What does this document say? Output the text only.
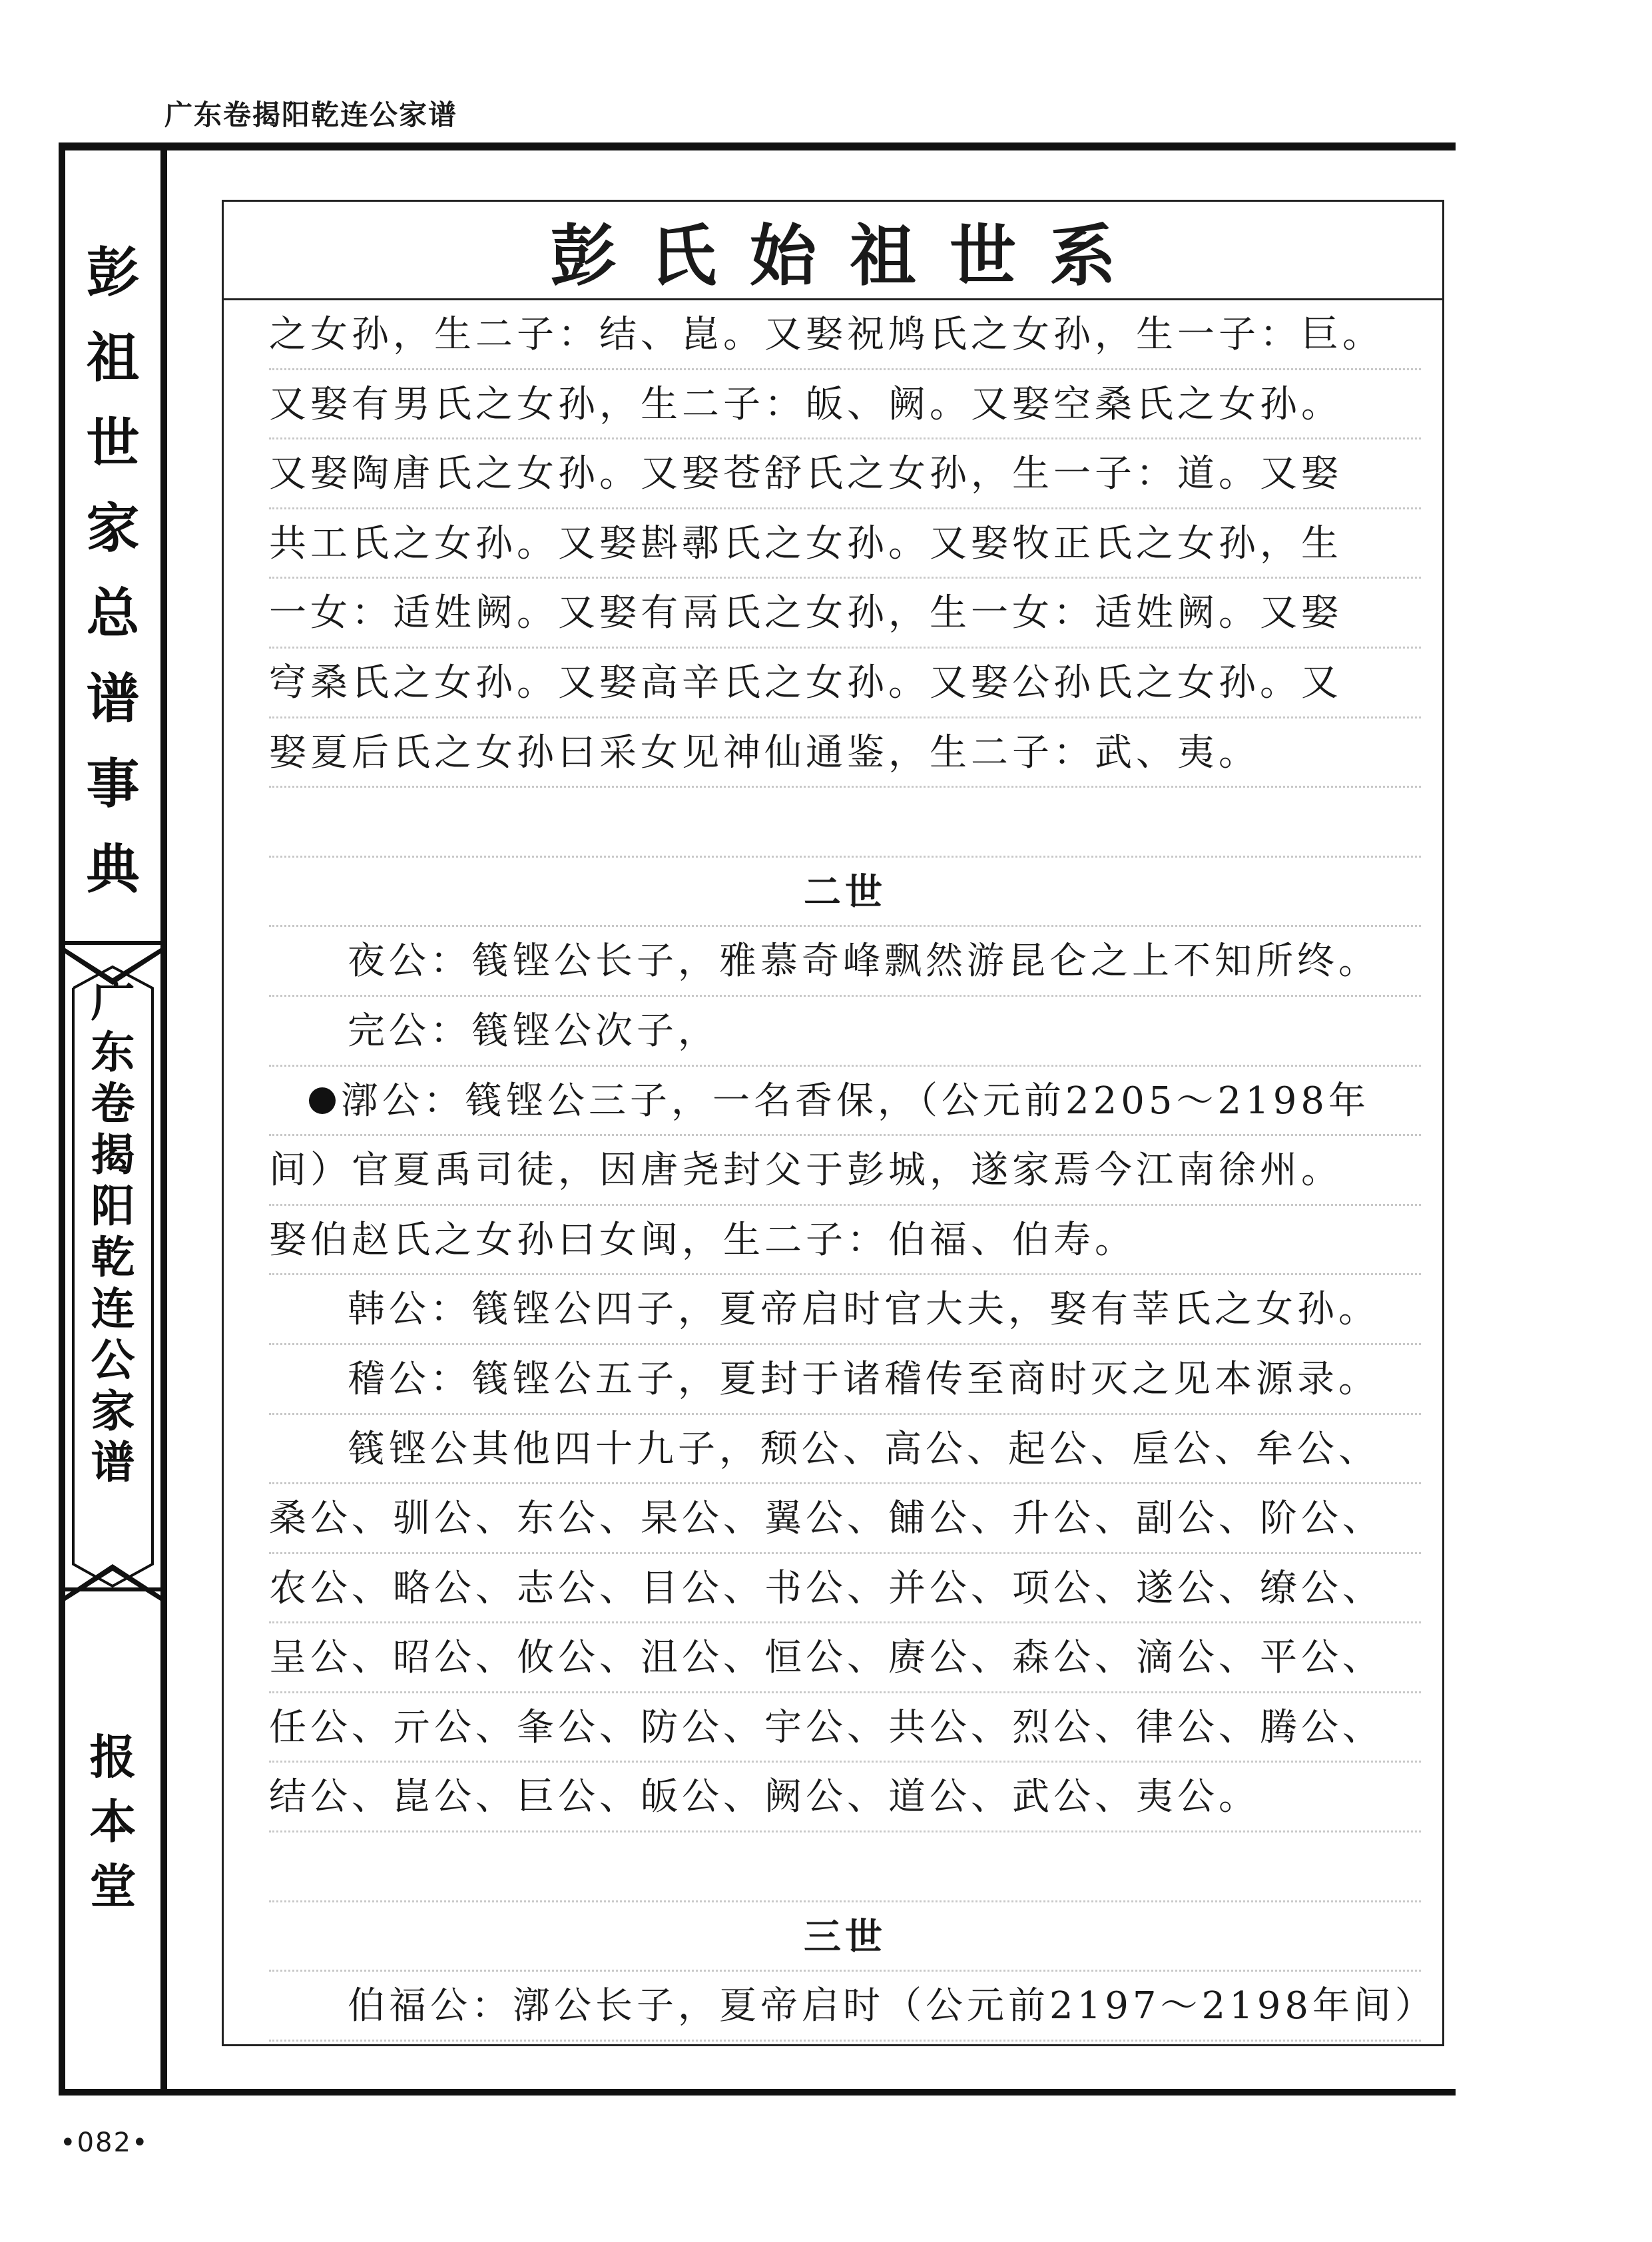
广东卷揭阳乾连公家谱
彭
祖
世
家
总
谱
事
典
广
东
卷
揭
阳
乾
连
公
家
谱
报
本
堂
彭氏始祖世系
之女孙，生二子：结、崑。又娶祝鸠氏之女孙，生一子：巨。
又娶有男氏之女孙，生二子：皈、阙。又娶空桑氏之女孙。
又娶陶唐氏之女孙。又娶苍舒氏之女孙，生一子：道。又娶
共工氏之女孙。又娶斟鄩氏之女孙。又娶牧正氏之女孙，生
一女：适姓阙。又娶有鬲氏之女孙，生一女：适姓阙。又娶
穹桑氏之女孙。又娶高辛氏之女孙。又娶公孙氏之女孙。又
娶夏后氏之女孙曰采女见神仙通鉴，生二子：武、夷。
二世
夜公：篯铿公长子，雅慕奇峰飘然游昆仑之上不知所终。
完公：篯铿公次子，
漷公：篯铿公三子，一名香保，（公元前2205～2198年
间）官夏禹司徒，因唐尧封父于彭城，遂家焉今江南徐州。
娶伯赵氏之女孙曰女闽，生二子：伯福、伯寿。
韩公：篯铿公四子，夏帝启时官大夫，娶有莘氏之女孙。
稽公：篯铿公五子，夏封于诸稽传至商时灭之见本源录。
篯铿公其他四十九子，颓公、高公、起公、垕公、牟公、
桑公、驯公、东公、杲公、翼公、餔公、升公、副公、阶公、
农公、略公、志公、目公、书公、并公、项公、遂公、缭公、
呈公、昭公、攸公、沮公、恒公、赓公、森公、滴公、平公、
任公、亓公、夆公、防公、宇公、共公、烈公、律公、腾公、
结公、崑公、巨公、皈公、阙公、道公、武公、夷公。
三世
伯福公：漷公长子，夏帝启时（公元前2197～2198年间）
•082•
